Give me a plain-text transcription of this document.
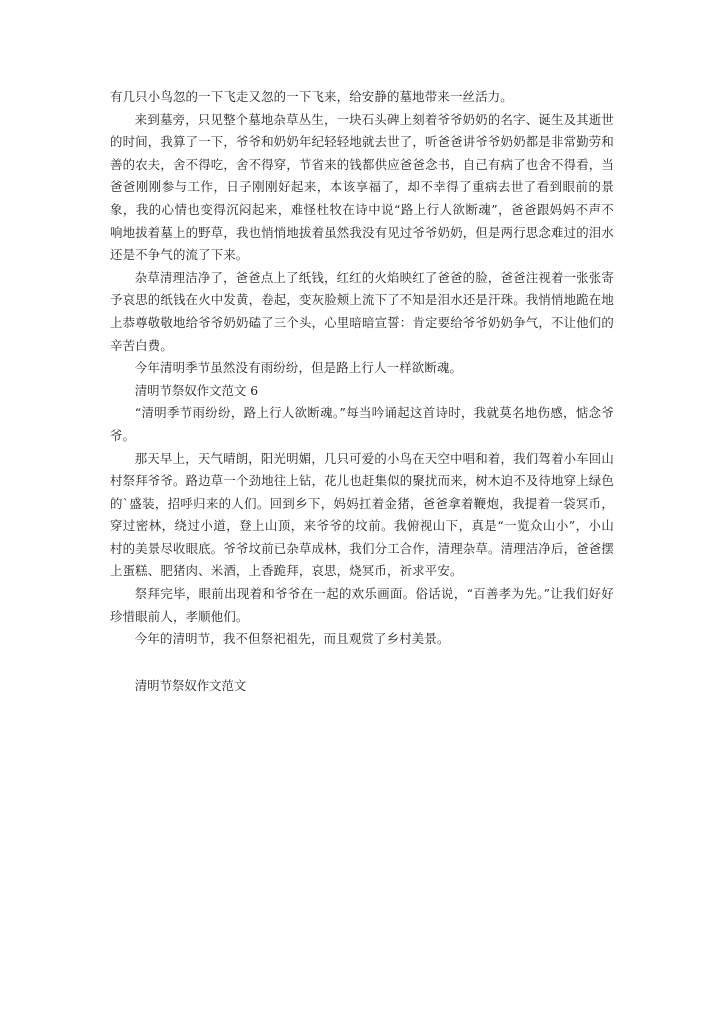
有几只小鸟忽的一下飞走又忽的一下飞来，给安静的墓地带来一丝活力。

来到墓旁，只见整个墓地杂草丛生，一块石头碑上刻着爷爷奶奶的名字、诞生及其逝世的时间，我算了一下，爷爷和奶奶年纪轻轻地就去世了，听爸爸讲爷爷奶奶都是非常勤劳和善的农夫，舍不得吃，舍不得穿，节省来的钱都供应爸爸念书，自己有病了也舍不得看，当爸爸刚刚参与工作，日子刚刚好起来，本该享福了，却不幸得了重病去世了看到眼前的景象，我的心情也变得沉闷起来，难怪杜牧在诗中说“路上行人欲断魂”，爸爸跟妈妈不声不响地拔着墓上的野草，我也悄悄地拔着虽然我没有见过爷爷奶奶，但是两行思念难过的泪水还是不争气的流了下来。

杂草清理洁净了，爸爸点上了纸钱，红红的火焰映红了爸爸的脸，爸爸注视着一张张寄予哀思的纸钱在火中发黄，卷起，变灰脸颊上流下了不知是泪水还是汗珠。我悄悄地跪在地上恭尊敬敬地给爷爷奶奶磕了三个头，心里暗暗宣誓：肯定要给爷爷奶奶争气，不让他们的辛苦白费。

今年清明季节虽然没有雨纷纷，但是路上行人一样欲断魂。

清明节祭奴作文范文 6

“清明季节雨纷纷，路上行人欲断魂。”每当吟诵起这首诗时，我就莫名地伤感，惦念爷爷。

那天早上，天气晴朗，阳光明媚，几只可爱的小鸟在天空中唱和着，我们驾着小车回山村祭拜爷爷。路边草一个劲地往上钻，花儿也赶集似的聚扰而来，树木迫不及待地穿上绿色的`盛装，招呼归来的人们。回到乡下，妈妈扛着金猪，爸爸拿着鞭炮，我提着一袋冥币，穿过密林，绕过小道，登上山顶，来爷爷的坟前。我俯视山下，真是“一览众山小”，小山村的美景尽收眼底。爷爷坟前已杂草成林，我们分工合作，清理杂草。清理洁净后，爸爸摆上蛋糕、肥猪肉、米酒，上香跪拜，哀思，烧冥币，祈求平安。

祭拜完毕，眼前出现着和爷爷在一起的欢乐画面。俗话说，“百善孝为先。”让我们好好珍惜眼前人，孝顺他们。

今年的清明节，我不但祭祀祖先，而且观赏了乡村美景。

清明节祭奴作文范文
